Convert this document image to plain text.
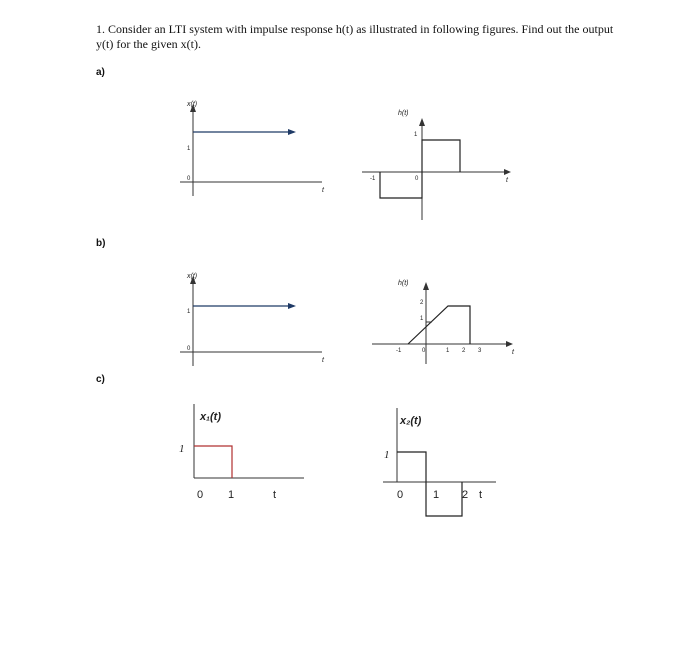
1. Consider an LTI system with impulse response h(t) as illustrated in following figures. Find out the output y(t) for the given x(t).

a)
b)
c)
x(t)
1
0
t
h(t)
1
-1	0	t
x(t)
1
0
t
h(t)
2
1
-1	0	1 2 3	t
x₁(t)
1
0 1	t
x₂(t)
1
0	1 2 t
